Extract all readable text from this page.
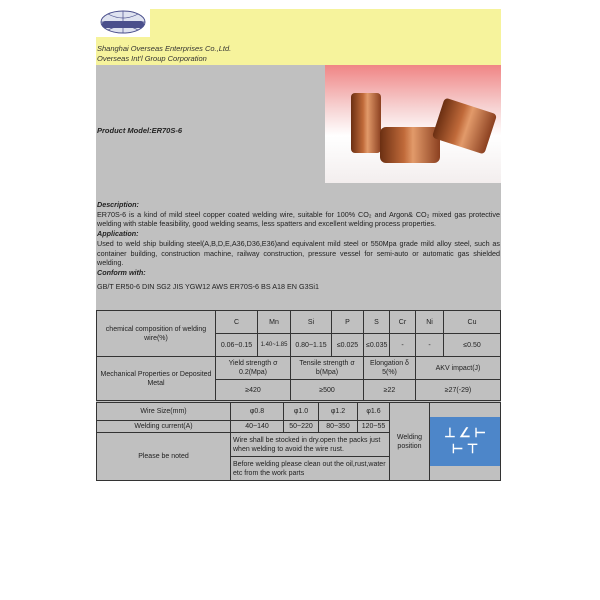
Shanghai Overseas Enterprises Co.,Ltd.
Overseas Int'l Group Corporation
Product Model:ER70S-6
Description:
ER70S-6 is a kind of mild steel copper coated welding wire, suitable for 100% CO₂ and Argon& CO₂ mixed gas protective welding with stable feasibility, good welding seams, less spatters and excellent welding process properties.
Application:
Used to weld ship building steel(A,B,D,E,A36,D36,E36)and equivalent mild steel or 550Mpa grade mild alloy steel, such as container building, construction machine, railway construction, pressure vessel for semi-auto or automatic gas shielded welding.
Conform with:
GB/T ER50-6 DIN SG2 JIS YGW12 AWS ER70S-6 BS A18 EN G3Si1
chemical composition of welding wire(%)	C	Mn	Si	P	S	Cr	Ni	Cu
	0.06~0.15	1.40~1.85	0.80~1.15	≤0.025	≤0.035	-	-	≤0.50
Mechanical Properties or Deposited Metal	Yield strength σ 0.2(Mpa)		Tensile strength σ b(Mpa)		Elongation δ 5(%)		AKV impact(J)	
	≥420		≥500		≥22		≥27(-29)	
Wire Size(mm)	φ0.8	φ1.0	φ1.2	φ1.6	Welding position	⊥ ∠ ⊢
⊢ ⊤

Welding current(A)	40~140	50~220	80~350	120~55		
Please be noted	Wire shall be stocked in dry.open the packs just when welding to avoid the wire rust.					
	Before welding please clean out the oil,rust,water etc from the work parts					
